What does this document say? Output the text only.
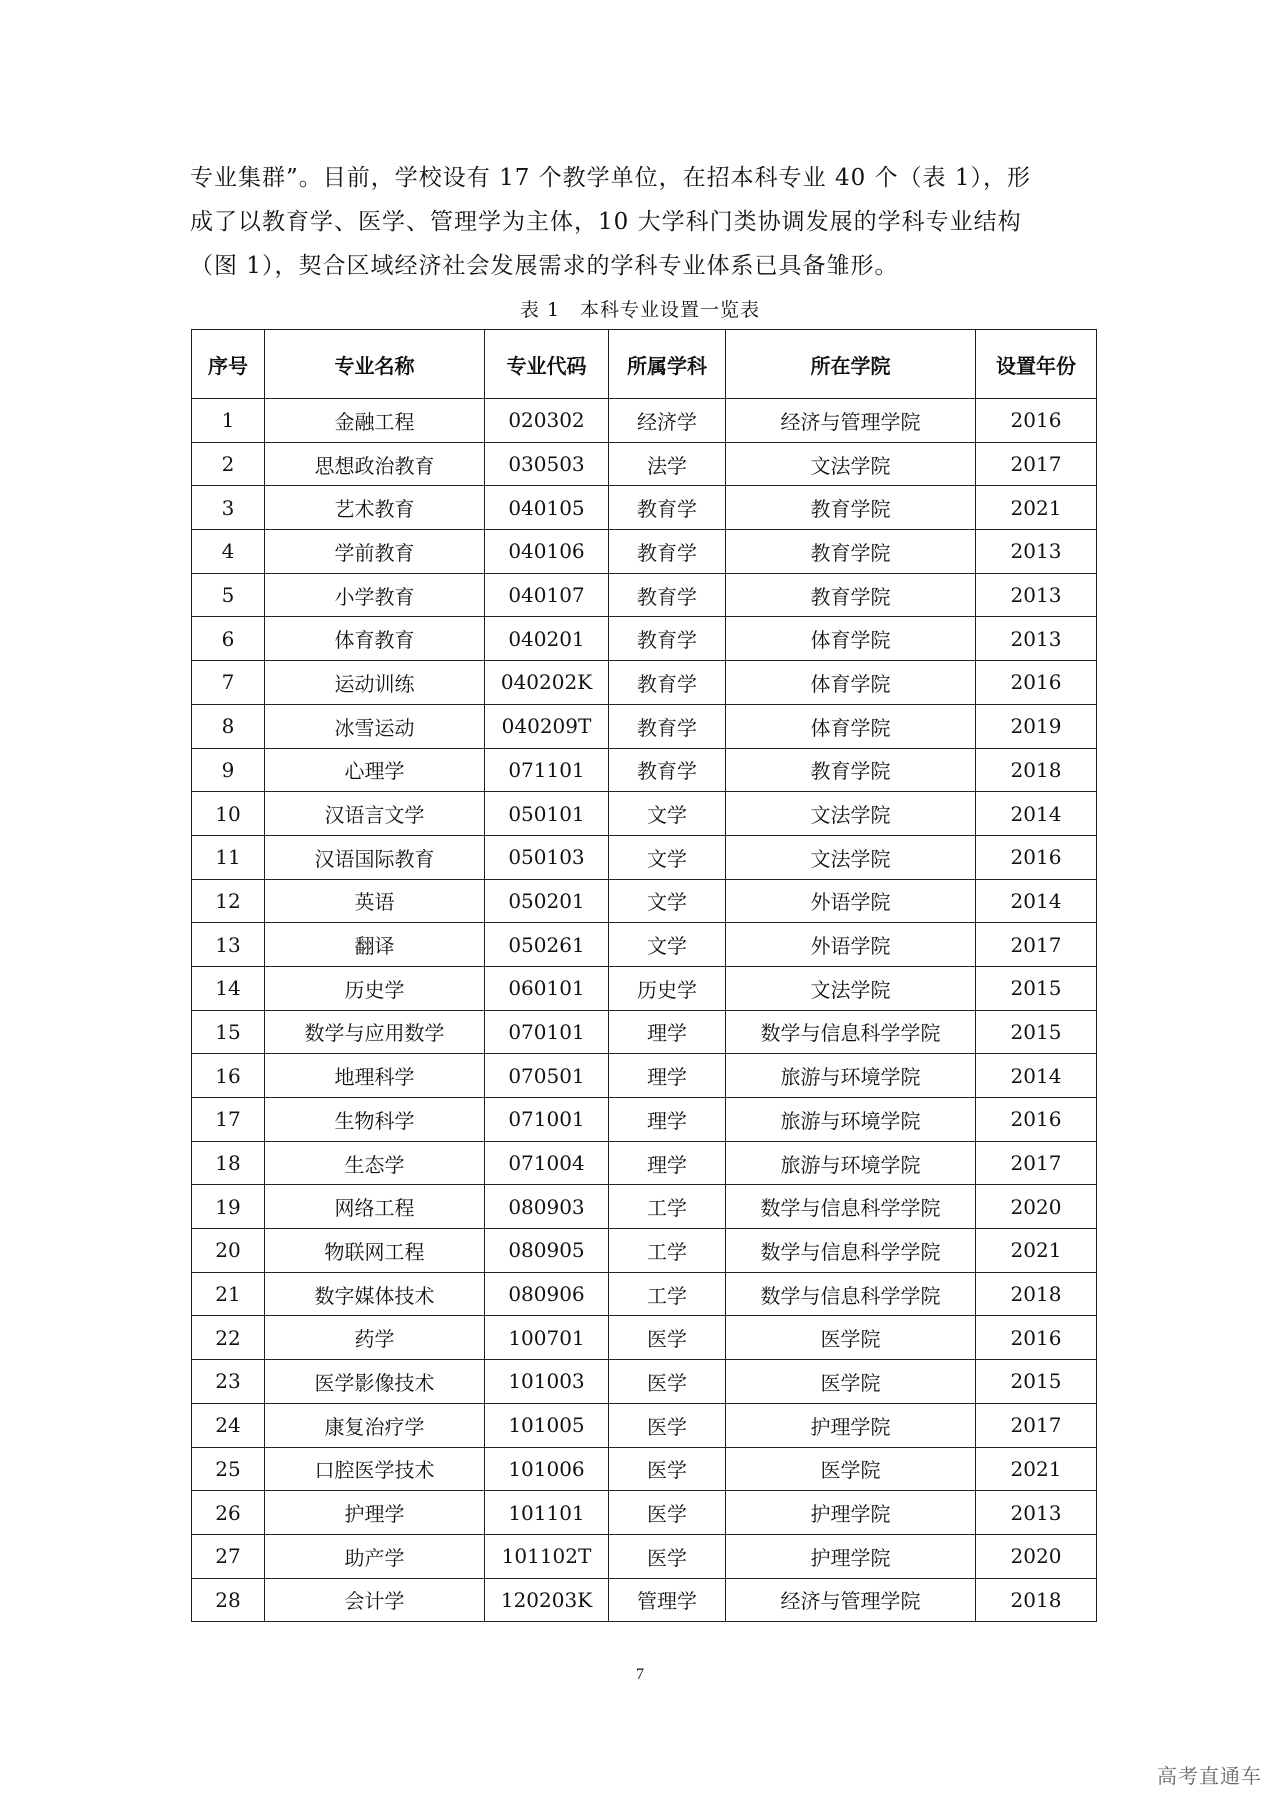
专业集群”。目前，学校设有 17 个教学单位，在招本科专业 40 个（表 1），形
成了以教育学、医学、管理学为主体，10 大学科门类协调发展的学科专业结构
（图 1），契合区域经济社会发展需求的学科专业体系已具备雏形。

表 1　本科专业设置一览表
序号	专业名称	专业代码	所属学科	所在学院	设置年份
1	金融工程	020302	经济学	经济与管理学院	2016
2	思想政治教育	030503	法学	文法学院	2017
3	艺术教育	040105	教育学	教育学院	2021
4	学前教育	040106	教育学	教育学院	2013
5	小学教育	040107	教育学	教育学院	2013
6	体育教育	040201	教育学	体育学院	2013
7	运动训练	040202K	教育学	体育学院	2016
8	冰雪运动	040209T	教育学	体育学院	2019
9	心理学	071101	教育学	教育学院	2018
10	汉语言文学	050101	文学	文法学院	2014
11	汉语国际教育	050103	文学	文法学院	2016
12	英语	050201	文学	外语学院	2014
13	翻译	050261	文学	外语学院	2017
14	历史学	060101	历史学	文法学院	2015
15	数学与应用数学	070101	理学	数学与信息科学学院	2015
16	地理科学	070501	理学	旅游与环境学院	2014
17	生物科学	071001	理学	旅游与环境学院	2016
18	生态学	071004	理学	旅游与环境学院	2017
19	网络工程	080903	工学	数学与信息科学学院	2020
20	物联网工程	080905	工学	数学与信息科学学院	2021
21	数字媒体技术	080906	工学	数学与信息科学学院	2018
22	药学	100701	医学	医学院	2016
23	医学影像技术	101003	医学	医学院	2015
24	康复治疗学	101005	医学	护理学院	2017
25	口腔医学技术	101006	医学	医学院	2021
26	护理学	101101	医学	护理学院	2013
27	助产学	101102T	医学	护理学院	2020
28	会计学	120203K	管理学	经济与管理学院	2018
7
高考直通车
